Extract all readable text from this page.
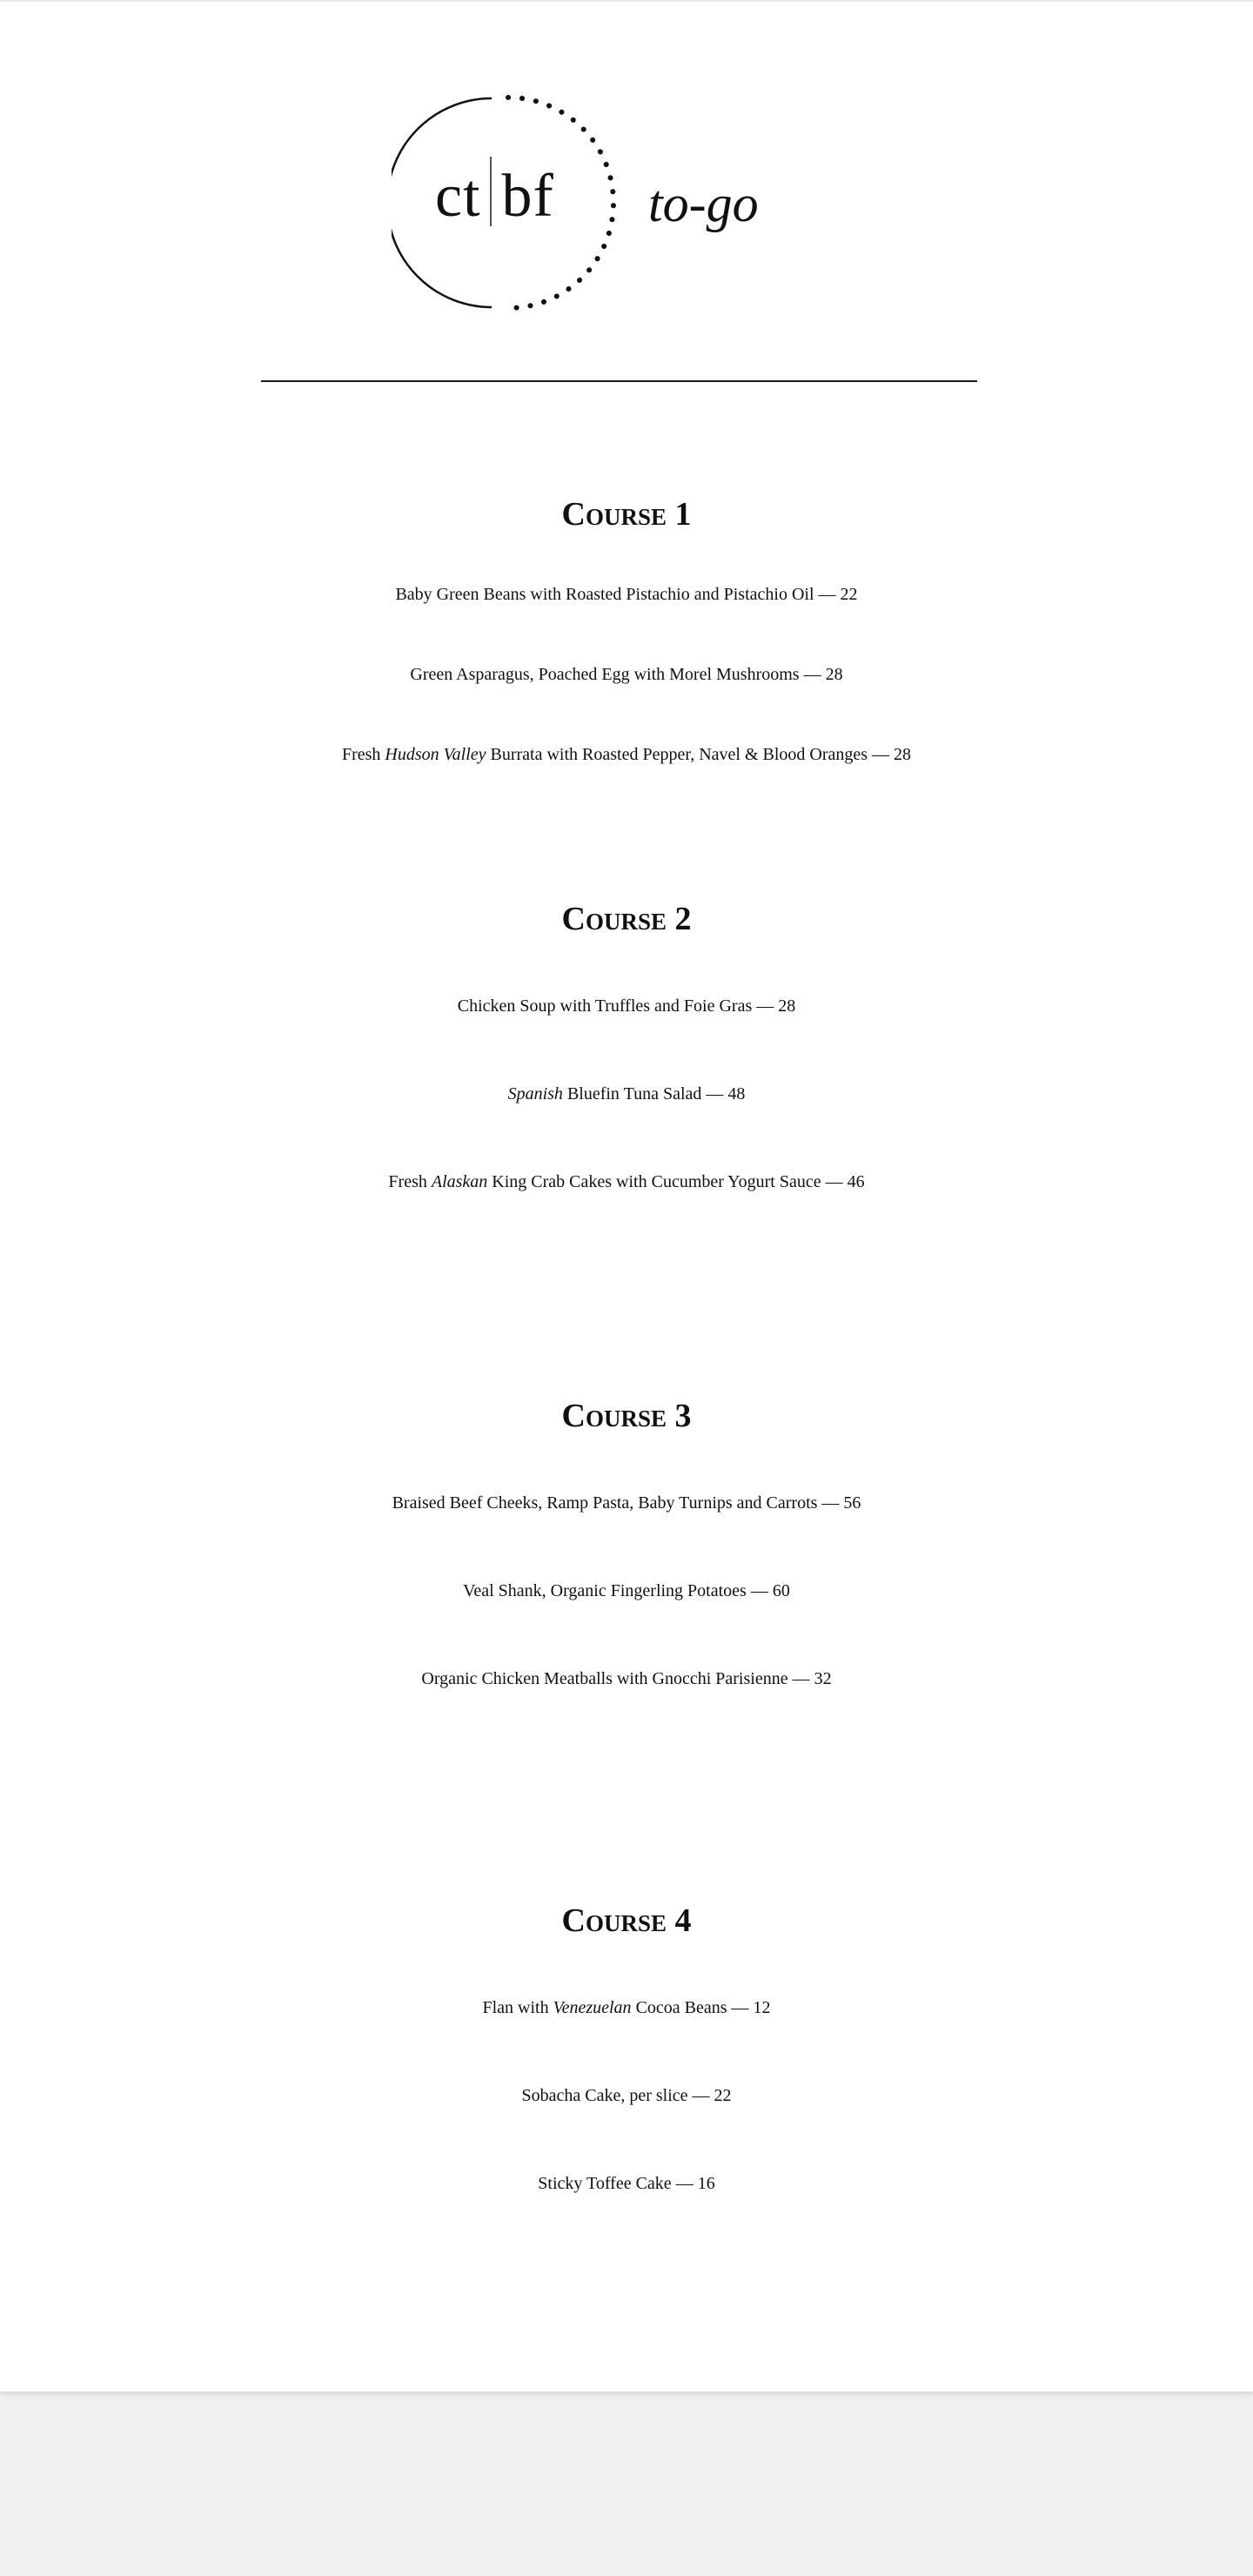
ct bf to-go
Course 1
Baby Green Beans with Roasted Pistachio and Pistachio Oil — 22
Green Asparagus, Poached Egg with Morel Mushrooms — 28
Fresh Hudson Valley Burrata with Roasted Pepper, Navel & Blood Oranges — 28
Course 2
Chicken Soup with Truffles and Foie Gras — 28
Spanish Bluefin Tuna Salad — 48
Fresh Alaskan King Crab Cakes with Cucumber Yogurt Sauce — 46
Course 3
Braised Beef Cheeks, Ramp Pasta, Baby Turnips and Carrots — 56
Veal Shank, Organic Fingerling Potatoes — 60
Organic Chicken Meatballs with Gnocchi Parisienne — 32
Course 4
Flan with Venezuelan Cocoa Beans — 12
Sobacha Cake, per slice — 22
Sticky Toffee Cake — 16
